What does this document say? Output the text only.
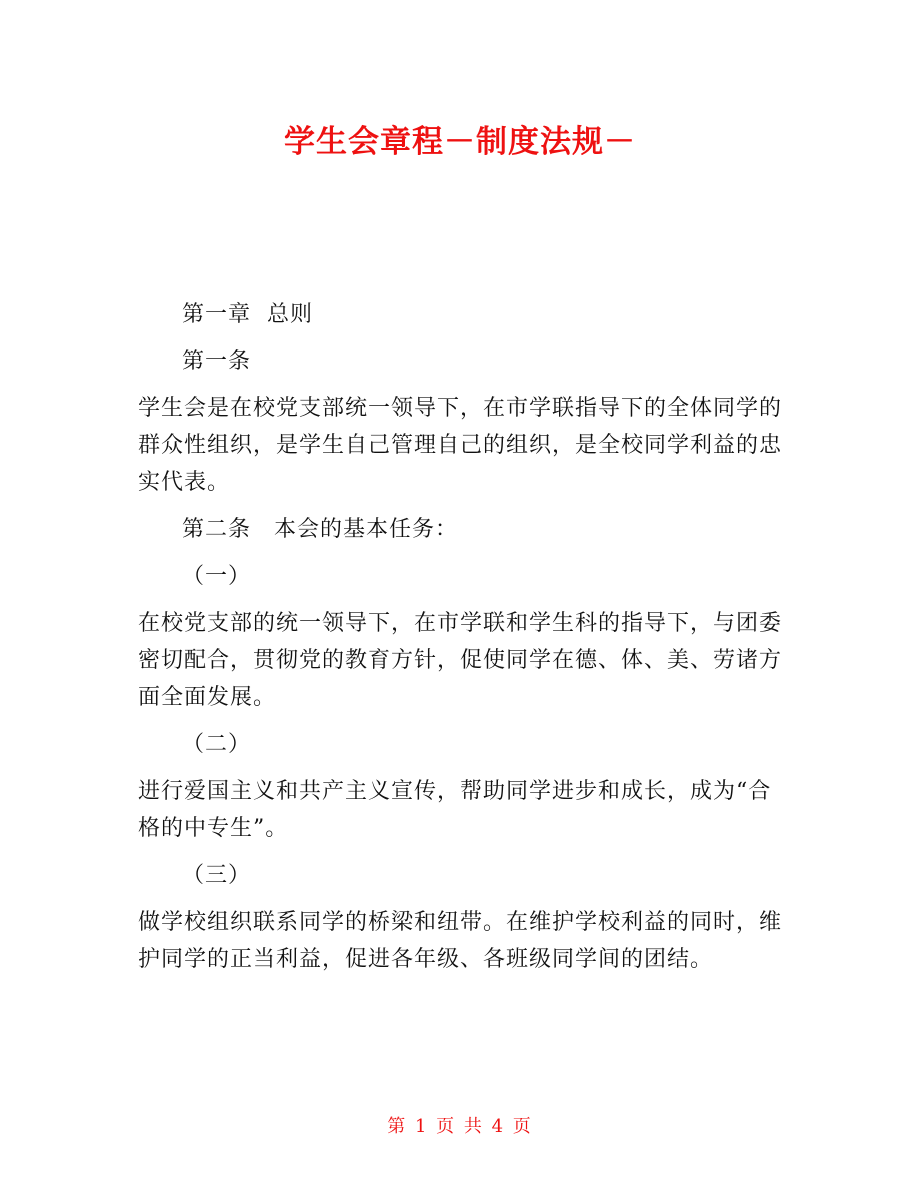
学生会章程－制度法规－

第一章  总则

第一条

学生会是在校党支部统一领导下，在市学联指导下的全体同学的群众性组织，是学生自己管理自己的组织，是全校同学利益的忠实代表。

第二条　本会的基本任务：

（一）

在校党支部的统一领导下，在市学联和学生科的指导下，与团委密切配合，贯彻党的教育方针，促使同学在德、体、美、劳诸方面全面发展。

（二）

进行爱国主义和共产主义宣传，帮助同学进步和成长，成为“合格的中专生”。

（三）

做学校组织联系同学的桥梁和纽带。在维护学校利益的同时，维护同学的正当利益，促进各年级、各班级同学间的团结。

第 1 页 共 4 页
